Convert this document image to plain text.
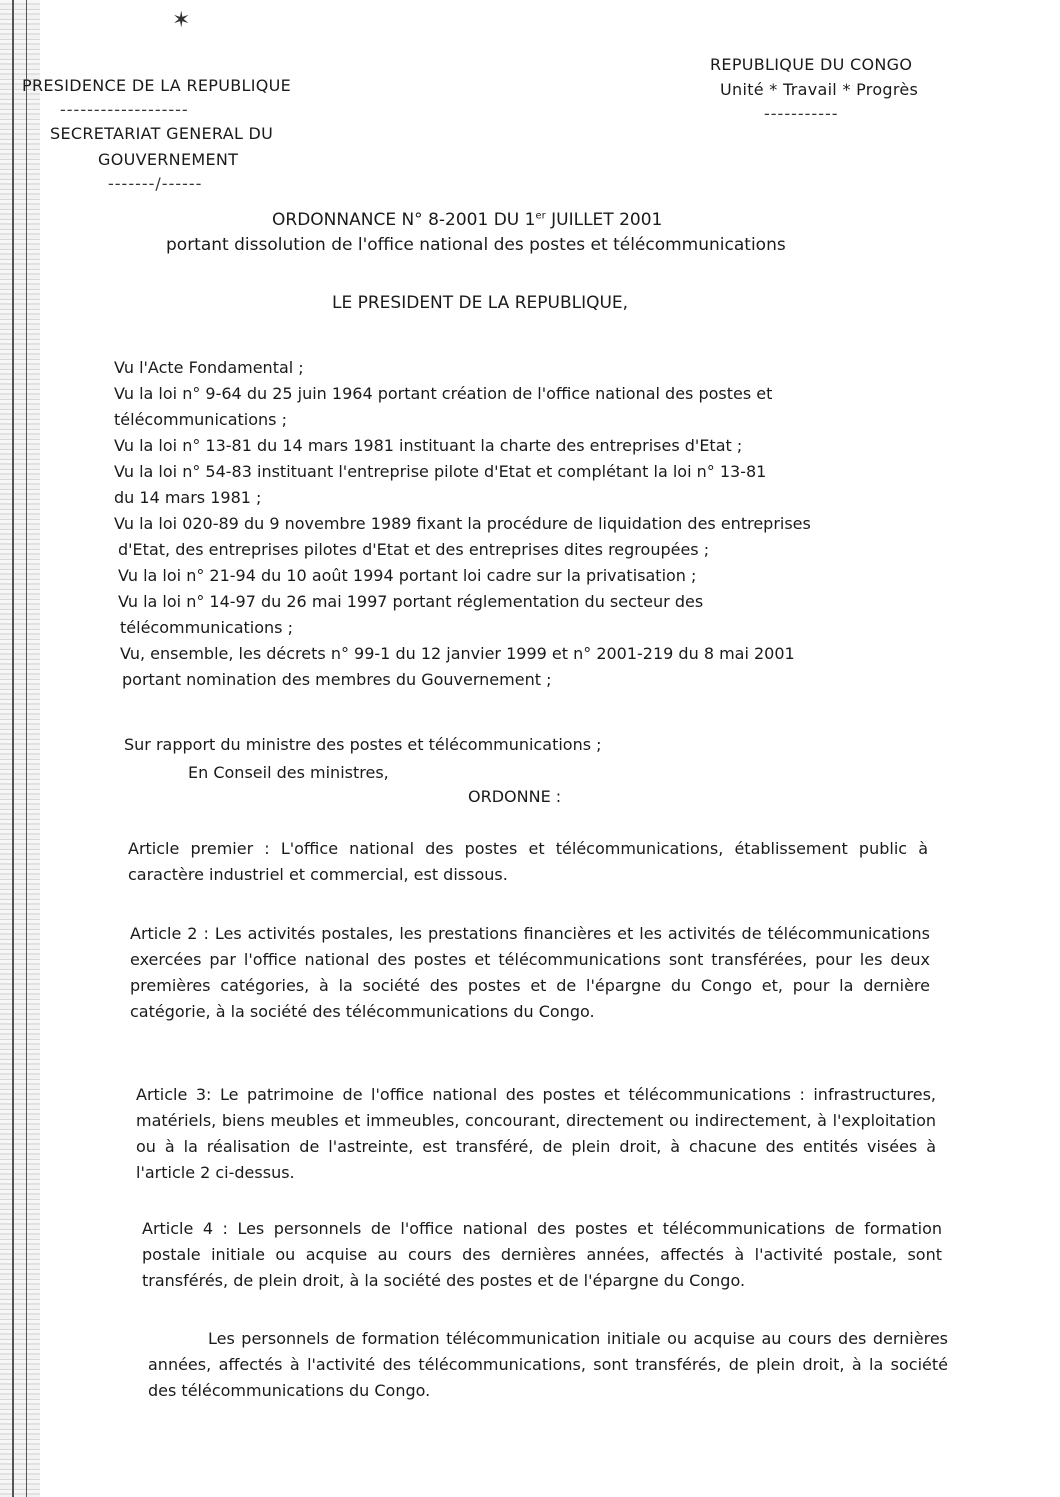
✶
PRESIDENCE DE LA REPUBLIQUE
-------------------
SECRETARIAT GENERAL DU
GOUVERNEMENT
-------/------
REPUBLIQUE DU CONGO
Unité * Travail * Progrès
-----------
ORDONNANCE N° 8-2001 DU 1er JUILLET 2001
portant dissolution de l'office national des postes et télécommunications
LE PRESIDENT DE LA REPUBLIQUE,
Vu l'Acte Fondamental ;
Vu la loi n° 9-64 du 25 juin 1964 portant création de l'office national des postes et
télécommunications ;
Vu la loi n° 13-81 du 14 mars 1981 instituant la charte des entreprises d'Etat ;
Vu la loi n° 54-83 instituant l'entreprise pilote d'Etat et complétant la loi n° 13-81
du 14 mars 1981 ;
Vu la loi 020-89 du 9 novembre 1989 fixant la procédure de liquidation des entreprises
d'Etat, des entreprises pilotes d'Etat et des entreprises dites regroupées ;
Vu la loi n° 21-94 du 10 août 1994 portant loi cadre sur la privatisation ;
Vu la loi n° 14-97 du 26 mai 1997 portant réglementation du secteur des
télécommunications ;
Vu, ensemble, les décrets n° 99-1 du 12 janvier 1999 et n° 2001-219 du 8 mai 2001
portant nomination des membres du Gouvernement ;
Sur rapport du ministre des postes et télécommunications ;
En Conseil des ministres,
ORDONNE :
Article premier : L'office national des postes et télécommunications, établissement public à caractère industriel et commercial, est dissous.
Article 2 : Les activités postales, les prestations financières et les activités de télécommunications exercées par l'office national des postes et télécommunications sont transférées, pour les deux premières catégories, à la société des postes et de l'épargne du Congo et, pour la dernière catégorie, à la société des télécommunications du Congo.
Article 3: Le patrimoine de l'office national des postes et télécommunications : infrastructures, matériels, biens meubles et immeubles, concourant, directement ou indirectement, à l'exploitation ou à la réalisation de l'astreinte, est transféré, de plein droit, à chacune des entités visées à l'article 2 ci-dessus.
Article 4 : Les personnels de l'office national des postes et télécommunications de formation postale initiale ou acquise au cours des dernières années, affectés à l'activité postale, sont transférés, de plein droit, à la société des postes et de l'épargne du Congo.
Les personnels de formation télécommunication initiale ou acquise au cours des dernières années, affectés à l'activité des télécommunications, sont transférés, de plein droit, à la société des télécommunications du Congo.
